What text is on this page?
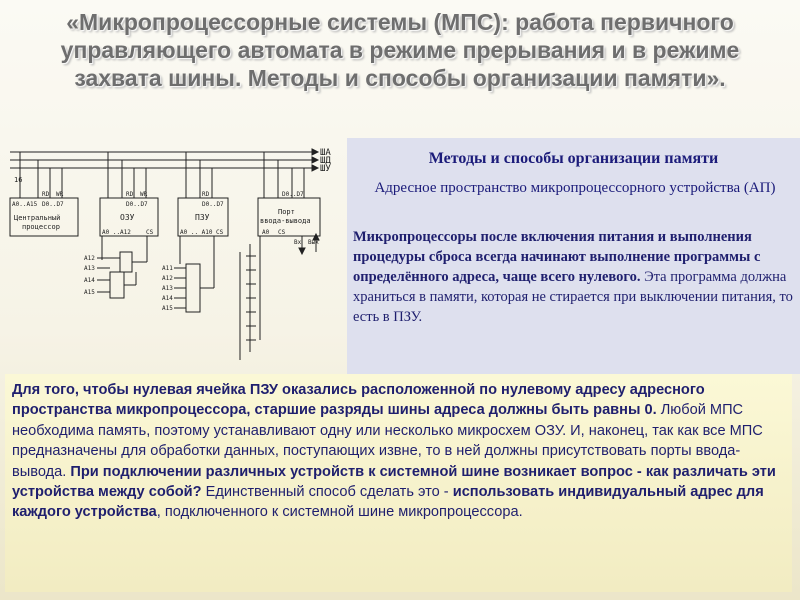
«Микропроцессорные системы (МПС): работа первичного управляющего автомата в режиме прерывания и в режиме захвата шины. Методы и способы организации памяти».
ША
ШД
ШУ
16
A0..A15 D0..D7
RD WR
Центральный
процессор
RD WR
D0..D7
ОЗУ
A0 ..A12	CS
A12
A13
A14
A15
RD
D0..D7
ПЗУ
A0 .. A10 CS
A11
A12
A13
A14
A15
D0..D7
Порт
ввода-вывода
A0 CS
Вх Вых
Методы и способы организации памяти
Адресное пространство микропроцессорного устройства (АП)
Микропроцессоры после включения питания и выполнения процедуры сброса всегда начинают выполнение программы с определённого адреса, чаще всего нулевого. Эта программа должна храниться в памяти, которая не стирается при выключении питания, то есть в ПЗУ.
Для того, чтобы нулевая ячейка ПЗУ оказались расположенной по нулевому адресу адресного пространства микропроцессора, старшие разряды шины адреса должны быть равны 0. Любой МПС необходима память, поэтому устанавливают одну или несколько микросхем ОЗУ. И, наконец, так как все МПС предназначены для обработки данных, поступающих извне, то в ней должны присутствовать порты ввода-вывода. При подключении различных устройств к системной шине возникает вопрос - как различать эти устройства между собой? Единственный способ сделать это - использовать индивидуальный адрес для каждого устройства, подключенного к системной шине микропроцессора.
